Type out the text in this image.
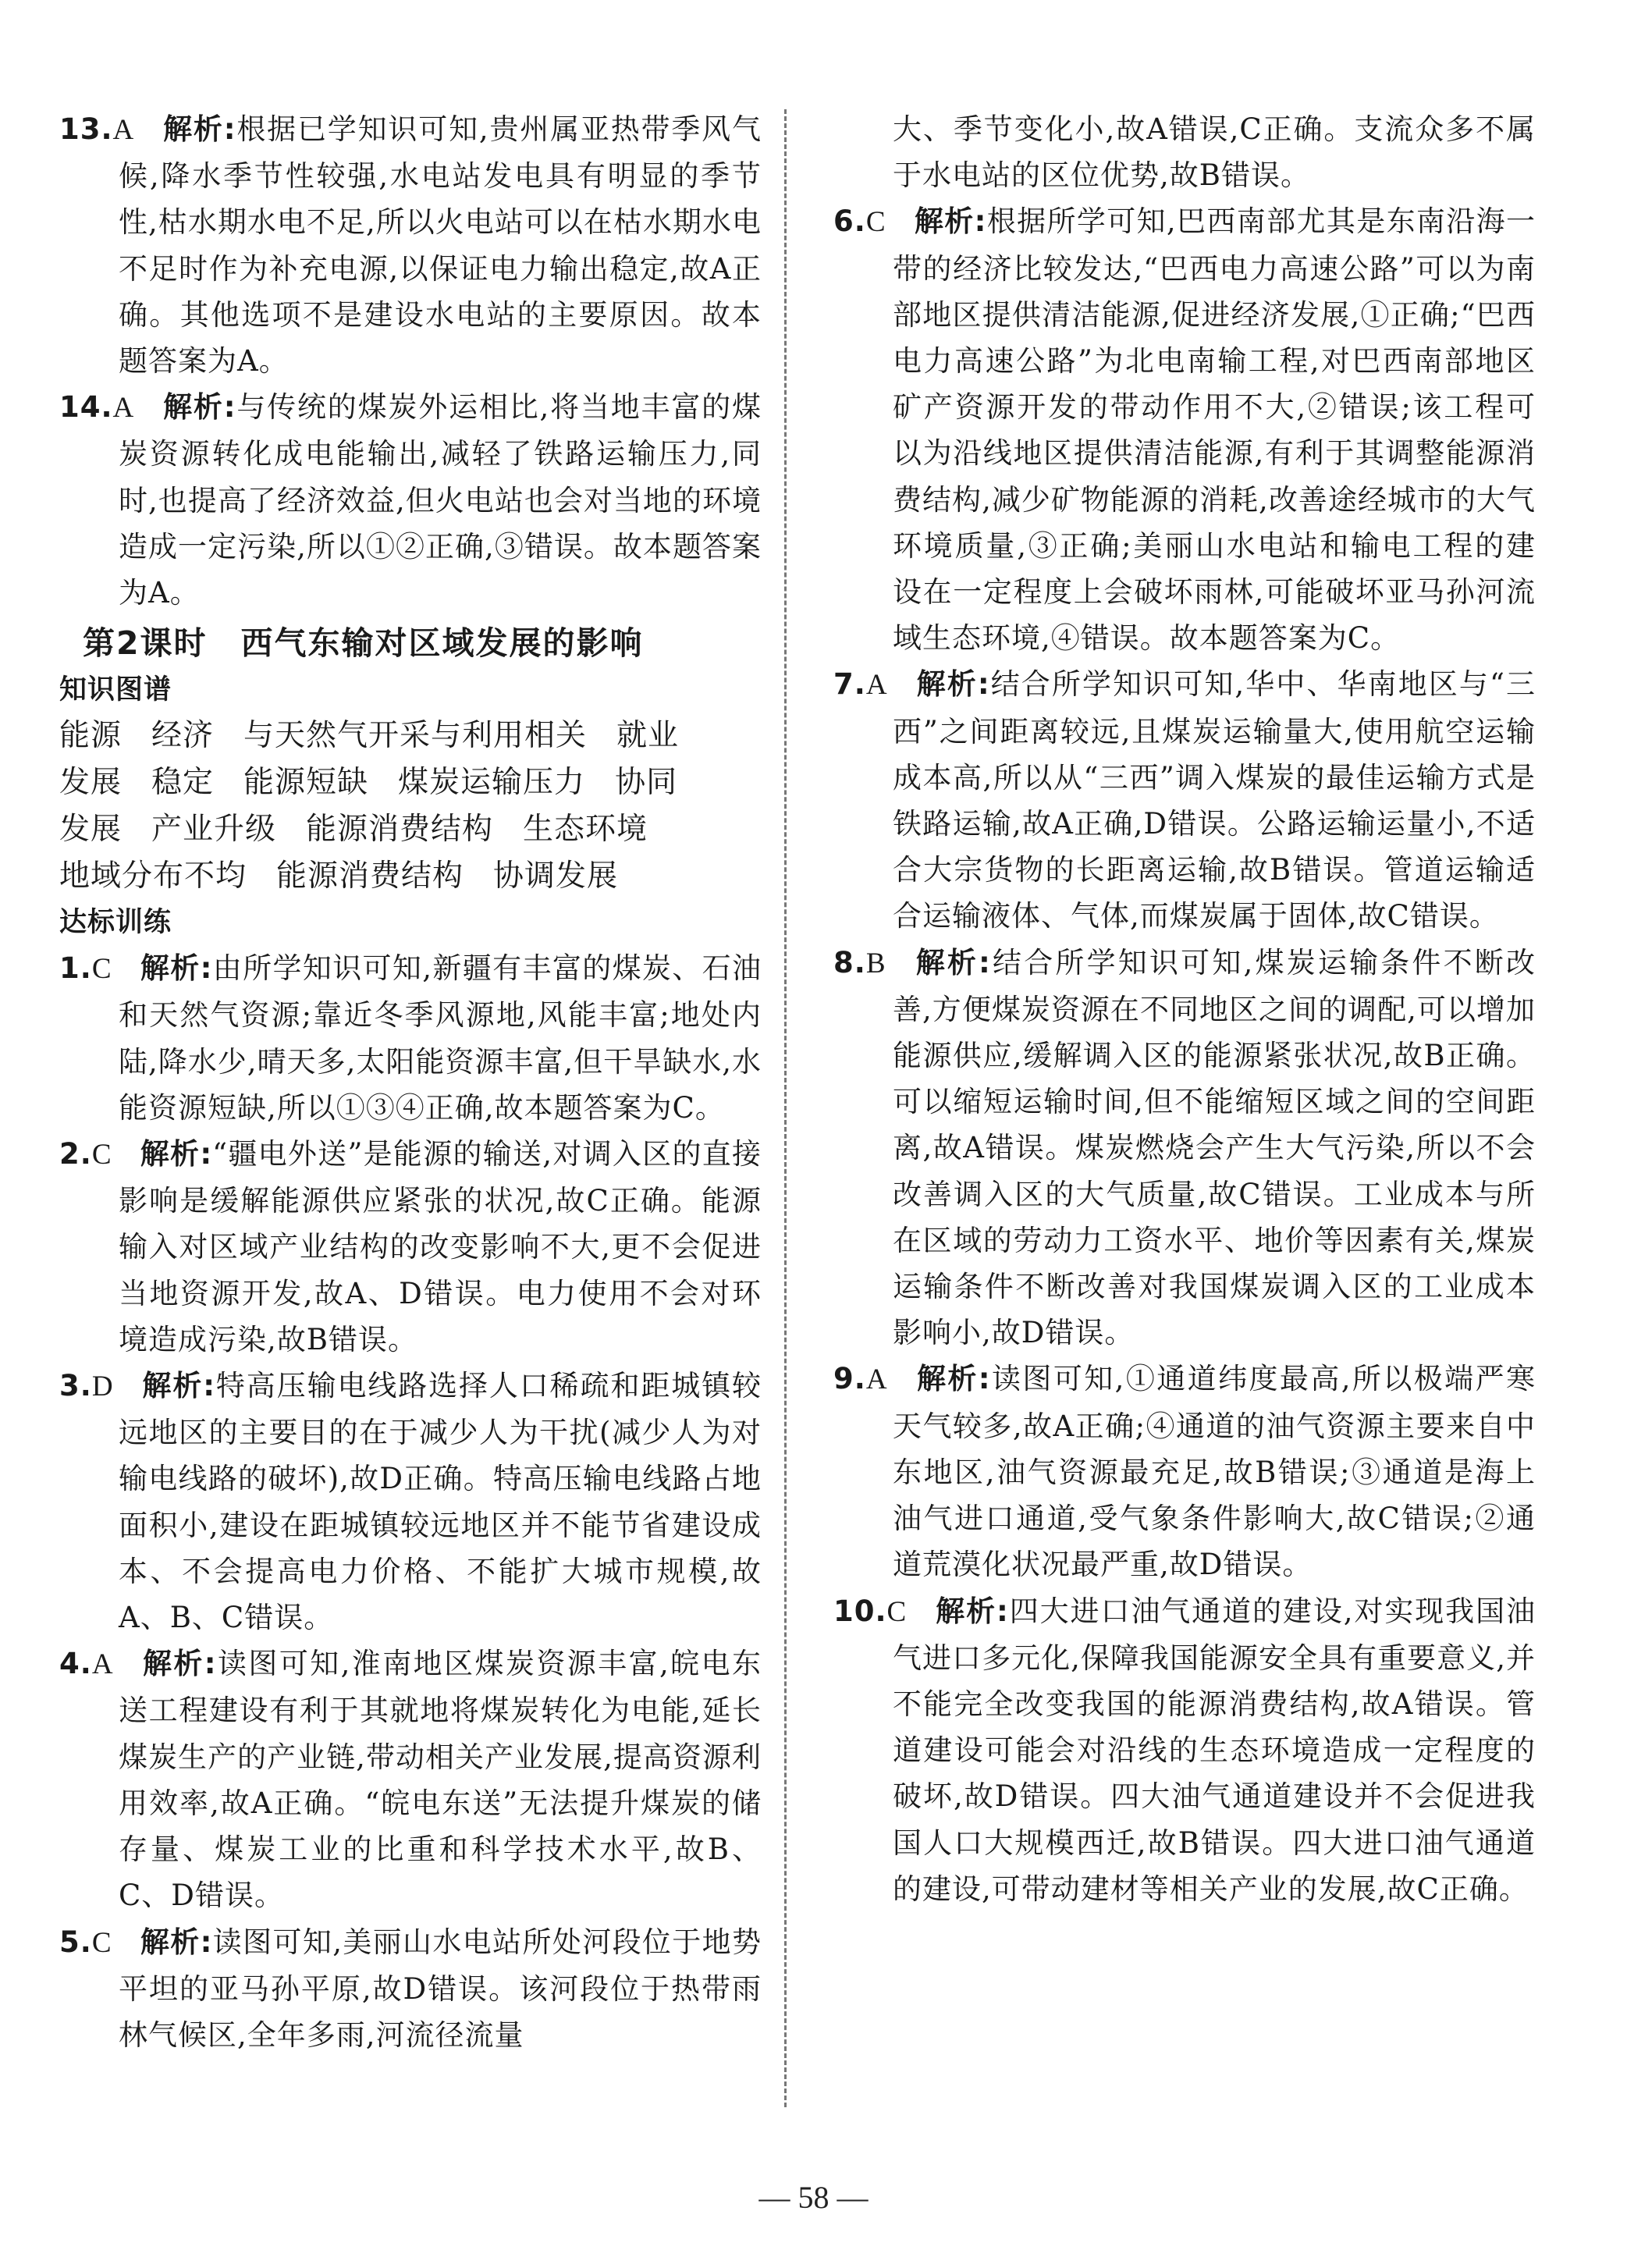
13.A 解析:根据已学知识可知,贵州属亚热带季风气候,降水季节性较强,水电站发电具有明显的季节性,枯水期水电不足,所以火电站可以在枯水期水电不足时作为补充电源,以保证电力输出稳定,故A正确。其他选项不是建设水电站的主要原因。故本题答案为A。

14.A 解析:与传统的煤炭外运相比,将当地丰富的煤炭资源转化成电能输出,减轻了铁路运输压力,同时,也提高了经济效益,但火电站也会对当地的环境造成一定污染,所以①②正确,③错误。故本题答案为A。

第2课时　西气东输对区域发展的影响
知识图谱

能源 经济 与天然气开采与利用相关 就业

发展 稳定 能源短缺 煤炭运输压力 协同

发展 产业升级 能源消费结构 生态环境

地域分布不均 能源消费结构 协调发展

达标训练

1.C 解析:由所学知识可知,新疆有丰富的煤炭、石油和天然气资源;靠近冬季风源地,风能丰富;地处内陆,降水少,晴天多,太阳能资源丰富,但干旱缺水,水能资源短缺,所以①③④正确,故本题答案为C。

2.C 解析:“疆电外送”是能源的输送,对调入区的直接影响是缓解能源供应紧张的状况,故C正确。能源输入对区域产业结构的改变影响不大,更不会促进当地资源开发,故A、D错误。电力使用不会对环境造成污染,故B错误。

3.D 解析:特高压输电线路选择人口稀疏和距城镇较远地区的主要目的在于减少人为干扰(减少人为对输电线路的破坏),故D正确。特高压输电线路占地面积小,建设在距城镇较远地区并不能节省建设成本、不会提高电力价格、不能扩大城市规模,故A、B、C错误。

4.A 解析:读图可知,淮南地区煤炭资源丰富,皖电东送工程建设有利于其就地将煤炭转化为电能,延长煤炭生产的产业链,带动相关产业发展,提高资源利用效率,故A正确。“皖电东送”无法提升煤炭的储存量、煤炭工业的比重和科学技术水平,故B、C、D错误。

5.C 解析:读图可知,美丽山水电站所处河段位于地势平坦的亚马孙平原,故D错误。该河段位于热带雨林气候区,全年多雨,河流径流量

大、季节变化小,故A错误,C正确。支流众多不属于水电站的区位优势,故B错误。

6.C 解析:根据所学可知,巴西南部尤其是东南沿海一带的经济比较发达,“巴西电力高速公路”可以为南部地区提供清洁能源,促进经济发展,①正确;“巴西电力高速公路”为北电南输工程,对巴西南部地区矿产资源开发的带动作用不大,②错误;该工程可以为沿线地区提供清洁能源,有利于其调整能源消费结构,减少矿物能源的消耗,改善途经城市的大气环境质量,③正确;美丽山水电站和输电工程的建设在一定程度上会破坏雨林,可能破坏亚马孙河流域生态环境,④错误。故本题答案为C。

7.A 解析:结合所学知识可知,华中、华南地区与“三西”之间距离较远,且煤炭运输量大,使用航空运输成本高,所以从“三西”调入煤炭的最佳运输方式是铁路运输,故A正确,D错误。公路运输运量小,不适合大宗货物的长距离运输,故B错误。管道运输适合运输液体、气体,而煤炭属于固体,故C错误。

8.B 解析:结合所学知识可知,煤炭运输条件不断改善,方便煤炭资源在不同地区之间的调配,可以增加能源供应,缓解调入区的能源紧张状况,故B正确。可以缩短运输时间,但不能缩短区域之间的空间距离,故A错误。煤炭燃烧会产生大气污染,所以不会改善调入区的大气质量,故C错误。工业成本与所在区域的劳动力工资水平、地价等因素有关,煤炭运输条件不断改善对我国煤炭调入区的工业成本影响小,故D错误。

9.A 解析:读图可知,①通道纬度最高,所以极端严寒天气较多,故A正确;④通道的油气资源主要来自中东地区,油气资源最充足,故B错误;③通道是海上油气进口通道,受气象条件影响大,故C错误;②通道荒漠化状况最严重,故D错误。

10.C 解析:四大进口油气通道的建设,对实现我国油气进口多元化,保障我国能源安全具有重要意义,并不能完全改变我国的能源消费结构,故A错误。管道建设可能会对沿线的生态环境造成一定程度的破坏,故D错误。四大油气通道建设并不会促进我国人口大规模西迁,故B错误。四大进口油气通道的建设,可带动建材等相关产业的发展,故C正确。

— 58 —
